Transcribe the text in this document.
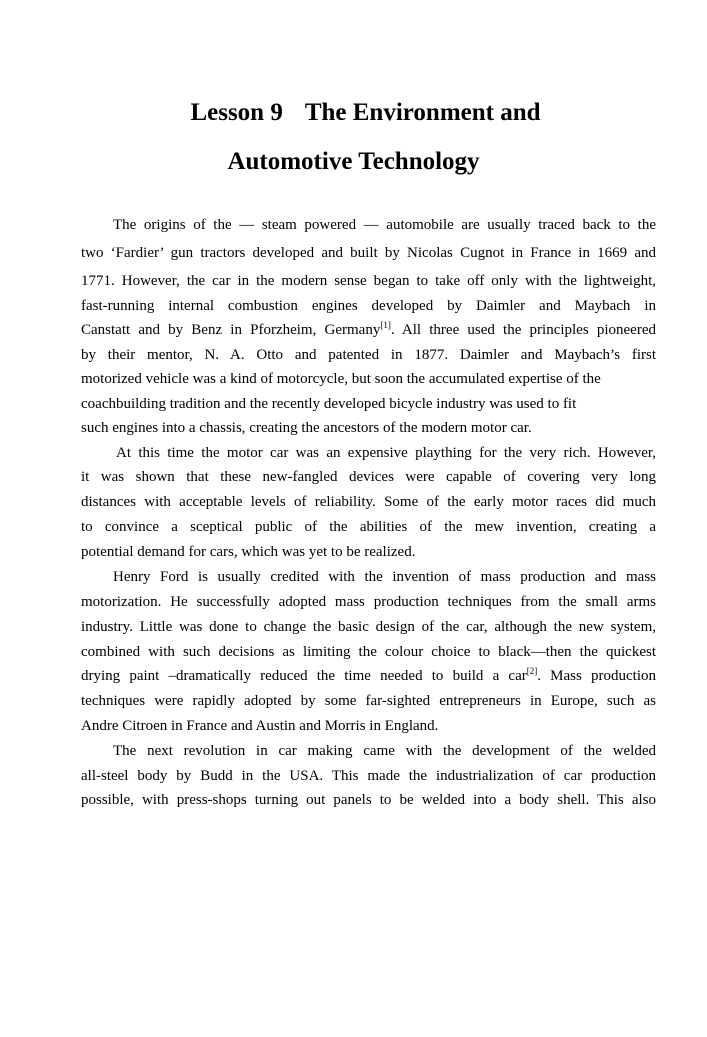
Lesson 9 The Environment and
Automotive Technology
The origins of the — steam powered — automobile are usually traced back to the
two ‘Fardier’ gun tractors developed and built by Nicolas Cugnot in France in 1669 and
1771. However, the car in the modern sense began to take off only with the lightweight,
fast-running internal combustion engines developed by Daimler and Maybach in
Canstatt and by Benz in Pforzheim, Germany[1]. All three used the principles pioneered
by their mentor, N. A. Otto and patented in 1877. Daimler and Maybach’s first
motorized vehicle was a kind of motorcycle, but soon the accumulated expertise of the
coachbuilding tradition and the recently developed bicycle industry was used to fit
such engines into a chassis, creating the ancestors of the modern motor car.
At this time the motor car was an expensive plaything for the very rich. However,
it was shown that these new-fangled devices were capable of covering very long
distances with acceptable levels of reliability. Some of the early motor races did much
to convince a sceptical public of the abilities of the mew invention, creating a
potential demand for cars, which was yet to be realized.
Henry Ford is usually credited with the invention of mass production and mass
motorization. He successfully adopted mass production techniques from the small arms
industry. Little was done to change the basic design of the car, although the new system,
combined with such decisions as limiting the colour choice to black—then the quickest
drying paint –dramatically reduced the time needed to build a car[2]. Mass production
techniques were rapidly adopted by some far-sighted entrepreneurs in Europe, such as
Andre Citroen in France and Austin and Morris in England.
The next revolution in car making came with the development of the welded
all-steel body by Budd in the USA. This made the industrialization of car production
possible, with press-shops turning out panels to be welded into a body shell. This also
